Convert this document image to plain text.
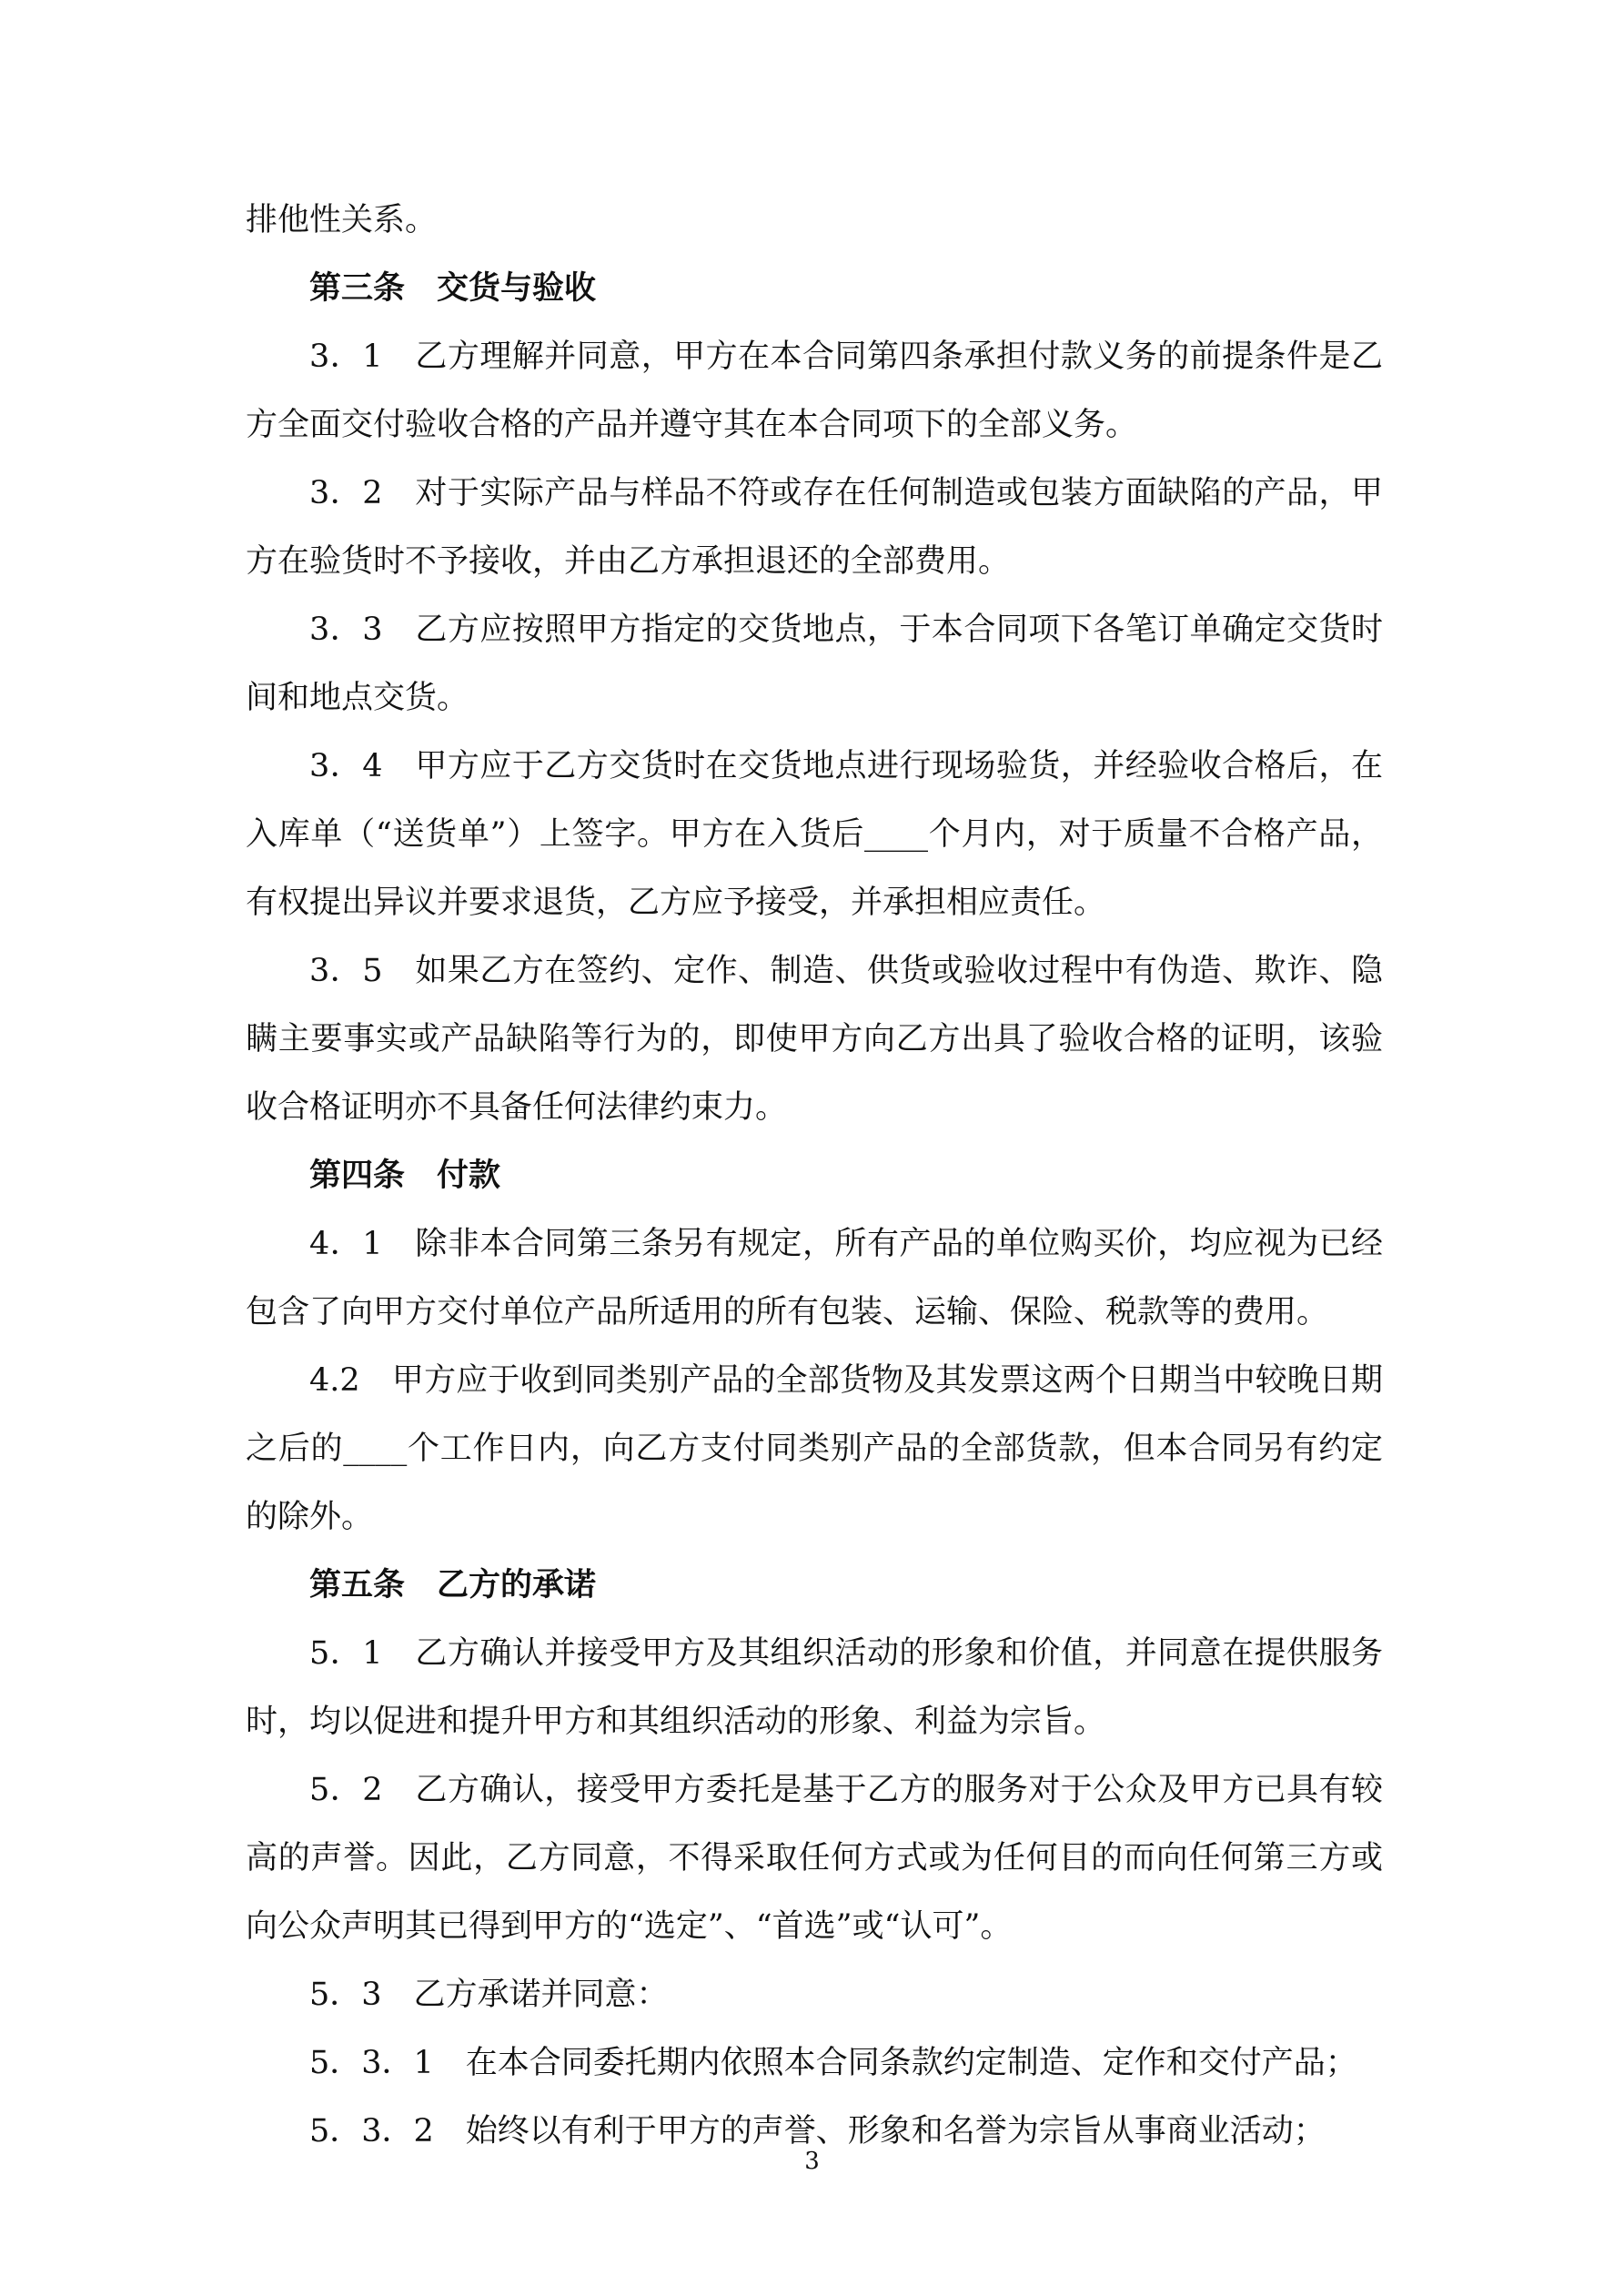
排他性关系。

第三条　交货与验收

3．1　乙方理解并同意，甲方在本合同第四条承担付款义务的前提条件是乙方全面交付验收合格的产品并遵守其在本合同项下的全部义务。

3．2　对于实际产品与样品不符或存在任何制造或包装方面缺陷的产品，甲方在验货时不予接收，并由乙方承担退还的全部费用。

3．3　乙方应按照甲方指定的交货地点，于本合同项下各笔订单确定交货时间和地点交货。

3．4　甲方应于乙方交货时在交货地点进行现场验货，并经验收合格后，在入库单（“送货单”）上签字。甲方在入货后____个月内，对于质量不合格产品，有权提出异议并要求退货，乙方应予接受，并承担相应责任。

3．5　如果乙方在签约、定作、制造、供货或验收过程中有伪造、欺诈、隐瞒主要事实或产品缺陷等行为的，即使甲方向乙方出具了验收合格的证明，该验收合格证明亦不具备任何法律约束力。

第四条　付款

4．1　除非本合同第三条另有规定，所有产品的单位购买价，均应视为已经包含了向甲方交付单位产品所适用的所有包装、运输、保险、税款等的费用。

4.2　甲方应于收到同类别产品的全部货物及其发票这两个日期当中较晚日期之后的____个工作日内，向乙方支付同类别产品的全部货款，但本合同另有约定的除外。

第五条　乙方的承诺

5．1　乙方确认并接受甲方及其组织活动的形象和价值，并同意在提供服务时，均以促进和提升甲方和其组织活动的形象、利益为宗旨。

5．2　乙方确认，接受甲方委托是基于乙方的服务对于公众及甲方已具有较高的声誉。因此，乙方同意，不得采取任何方式或为任何目的而向任何第三方或向公众声明其已得到甲方的“选定”、“首选”或“认可”。

5．3　乙方承诺并同意：

5．3．1　在本合同委托期内依照本合同条款约定制造、定作和交付产品；

5．3．2　始终以有利于甲方的声誉、形象和名誉为宗旨从事商业活动；

3
